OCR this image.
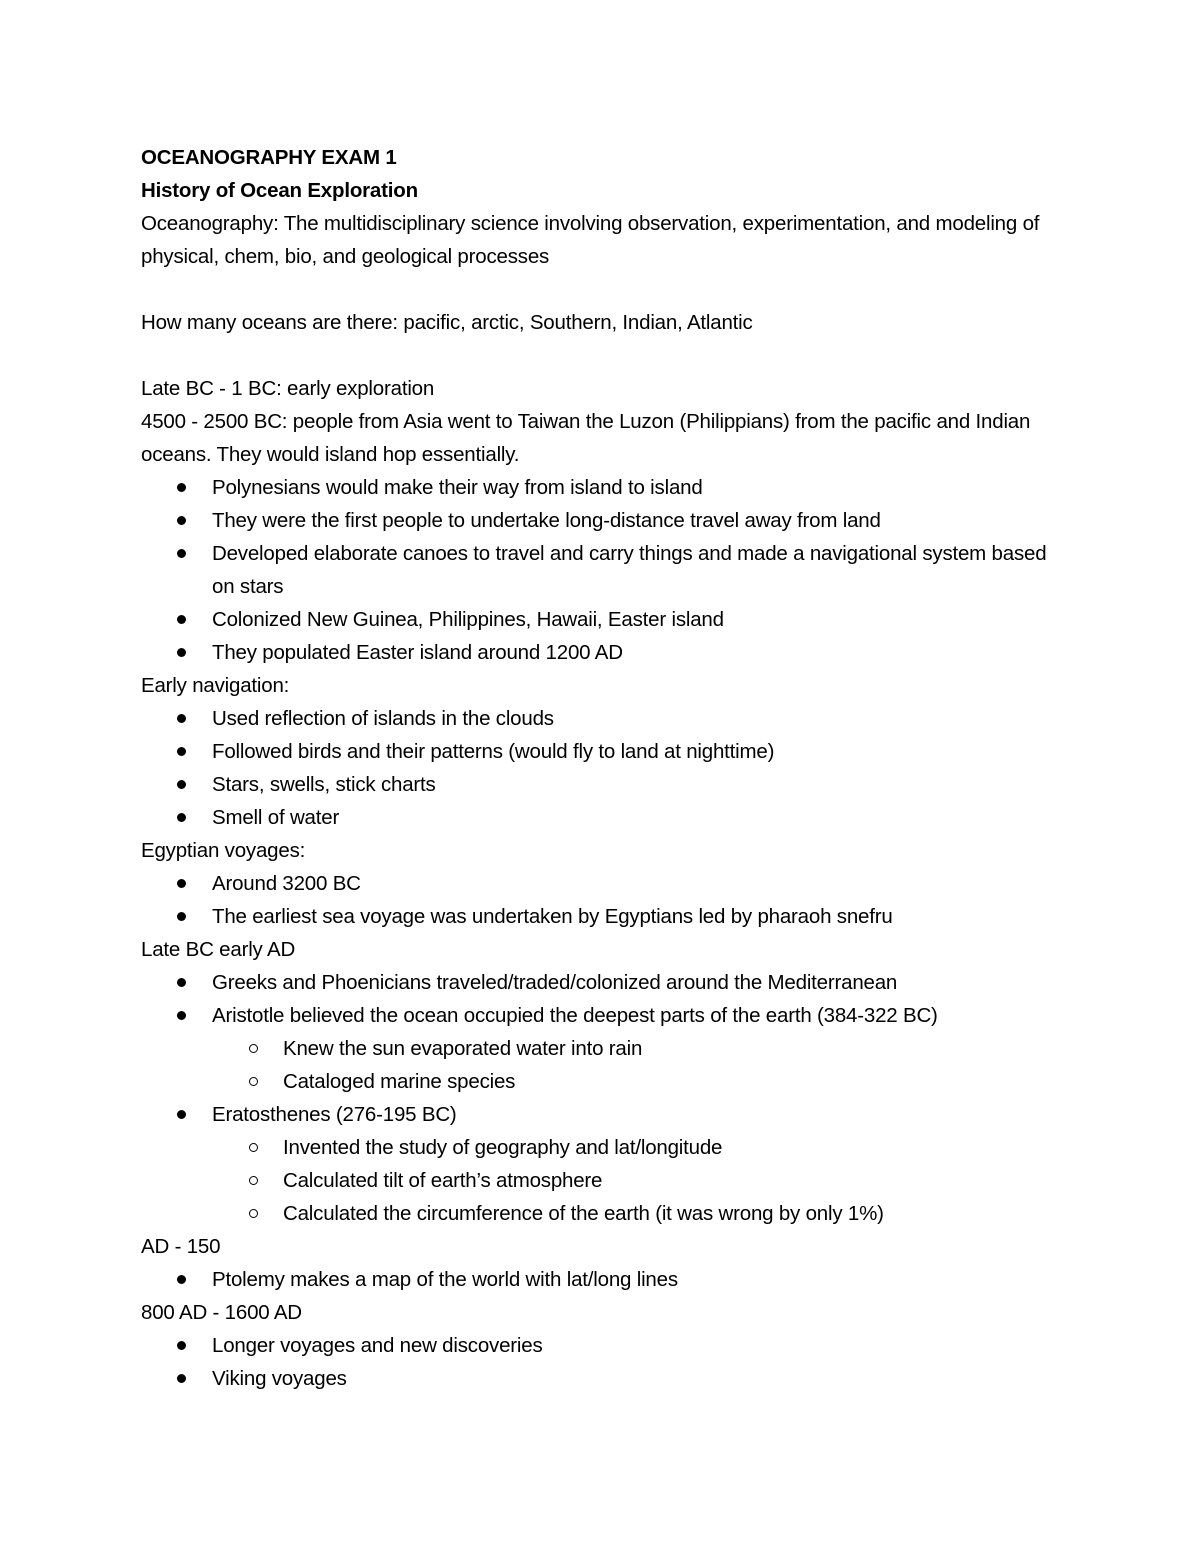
OCEANOGRAPHY EXAM 1

History of Ocean Exploration

Oceanography: The multidisciplinary science involving observation, experimentation, and modeling of physical, chem, bio, and geological processes

How many oceans are there: pacific, arctic, Southern, Indian, Atlantic

Late BC - 1 BC: early exploration

4500 - 2500 BC: people from Asia went to Taiwan the Luzon (Philippians) from the pacific and Indian oceans. They would island hop essentially.

Polynesians would make their way from island to island
They were the first people to undertake long-distance travel away from land
Developed elaborate canoes to travel and carry things and made a navigational system based on stars
Colonized New Guinea, Philippines, Hawaii, Easter island
They populated Easter island around 1200 AD

Early navigation:

Used reflection of islands in the clouds
Followed birds and their patterns (would fly to land at nighttime)
Stars, swells, stick charts
Smell of water

Egyptian voyages:

Around 3200 BC
The earliest sea voyage was undertaken by Egyptians led by pharaoh snefru

Late BC early AD

Greeks and Phoenicians traveled/traded/colonized around the Mediterranean
Aristotle believed the ocean occupied the deepest parts of the earth (384-322 BC)
Knew the sun evaporated water into rain
Cataloged marine species
Eratosthenes (276-195 BC)
Invented the study of geography and lat/longitude
Calculated tilt of earth’s atmosphere
Calculated the circumference of the earth (it was wrong by only 1%)

AD - 150

Ptolemy makes a map of the world with lat/long lines

800 AD - 1600 AD

Longer voyages and new discoveries
Viking voyages
